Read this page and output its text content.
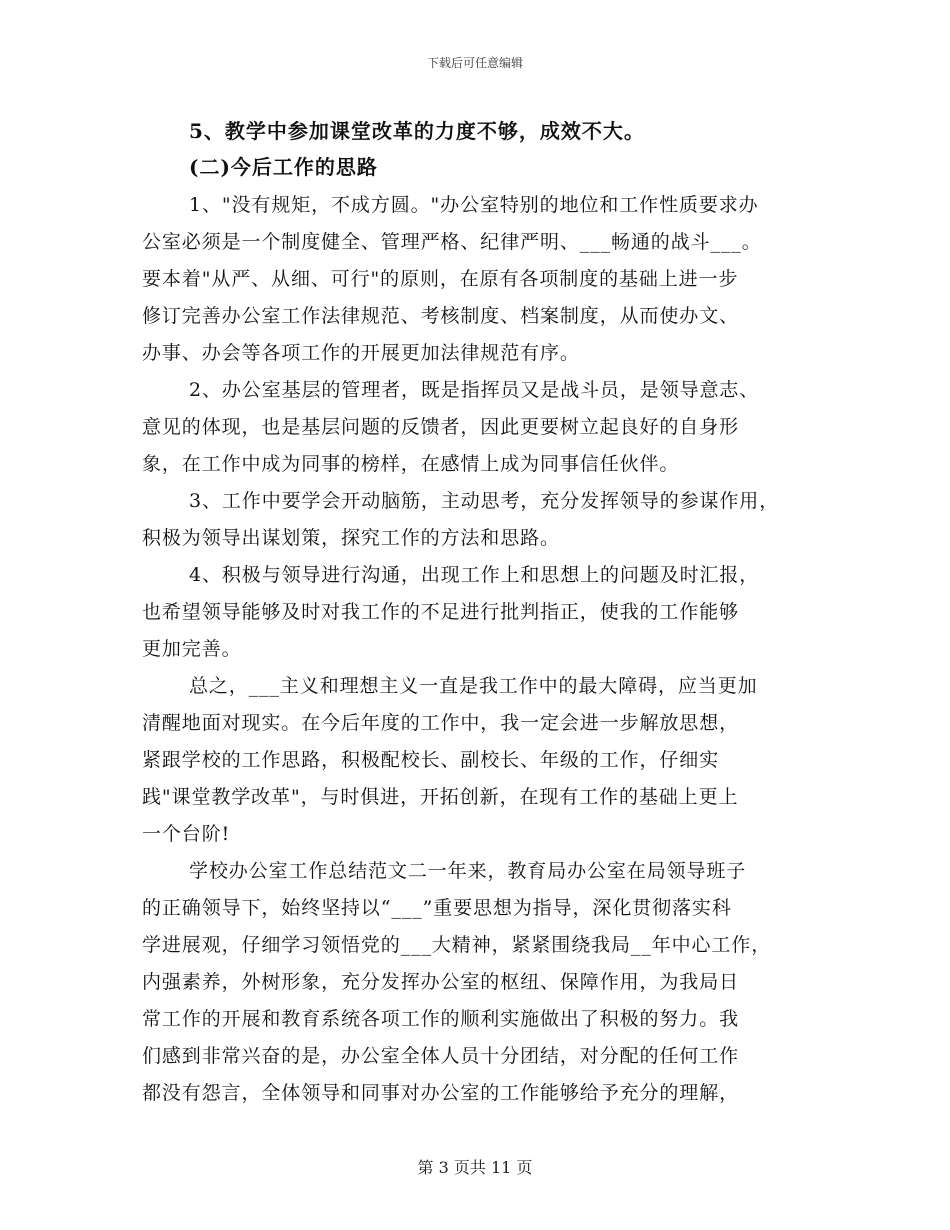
下载后可任意编辑
5、教学中参加课堂改革的力度不够，成效不大。
(二)今后工作的思路
1、"没有规矩，不成方圆。"办公室特别的地位和工作性质要求办
公室必须是一个制度健全、管理严格、纪律严明、___畅通的战斗___。
要本着"从严、从细、可行"的原则，在原有各项制度的基础上进一步
修订完善办公室工作法律规范、考核制度、档案制度，从而使办文、
办事、办会等各项工作的开展更加法律规范有序。
2、办公室基层的管理者，既是指挥员又是战斗员，是领导意志、
意见的体现，也是基层问题的反馈者，因此更要树立起良好的自身形
象，在工作中成为同事的榜样，在感情上成为同事信任伙伴。
3、工作中要学会开动脑筋，主动思考，充分发挥领导的参谋作用，
积极为领导出谋划策，探究工作的方法和思路。
4、积极与领导进行沟通，出现工作上和思想上的问题及时汇报，
也希望领导能够及时对我工作的不足进行批判指正，使我的工作能够
更加完善。
总之，___主义和理想主义一直是我工作中的最大障碍，应当更加
清醒地面对现实。在今后年度的工作中，我一定会进一步解放思想，
紧跟学校的工作思路，积极配校长、副校长、年级的工作，仔细实
践"课堂教学改革"，与时俱进，开拓创新，在现有工作的基础上更上
一个台阶!
学校办公室工作总结范文二一年来，教育局办公室在局领导班子
的正确领导下，始终坚持以“___”重要思想为指导，深化贯彻落实科
学进展观，仔细学习领悟党的___大精神，紧紧围绕我局__年中心工作，
内强素养，外树形象，充分发挥办公室的枢纽、保障作用，为我局日
常工作的开展和教育系统各项工作的顺利实施做出了积极的努力。我
们感到非常兴奋的是，办公室全体人员十分团结，对分配的任何工作
都没有怨言，全体领导和同事对办公室的工作能够给予充分的理解，
第 3 页共 11 页
